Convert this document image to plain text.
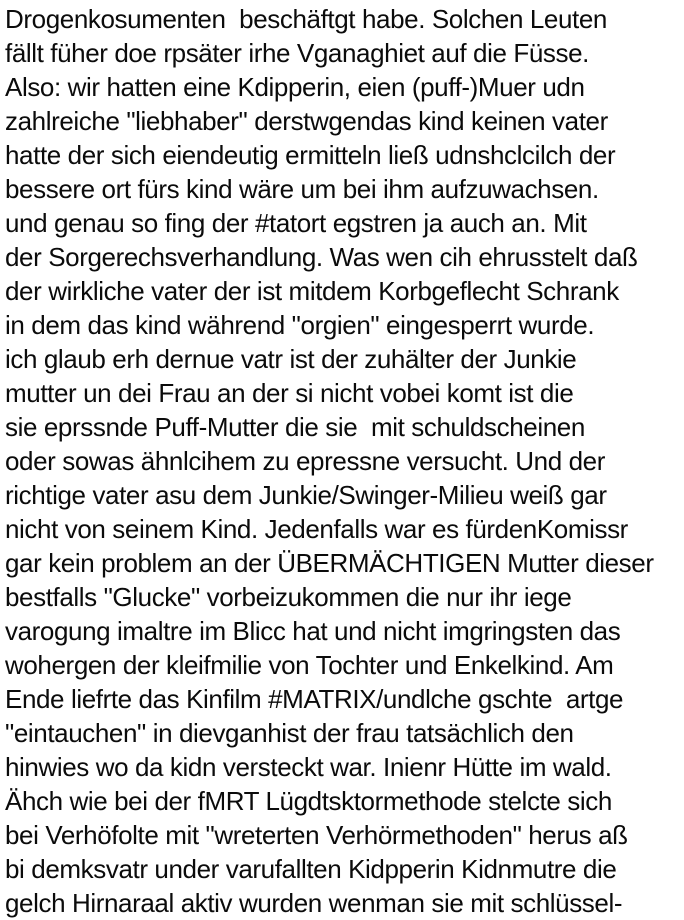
Drogenkosumenten  beschäftgt habe. Solchen Leuten
fällt füher doe rpsäter irhe Vganaghiet auf die Füsse.
Also: wir hatten eine Kdipperin, eien (puff-)Muer udn
zahlreiche "liebhaber" derstwgendas kind keinen vater
hatte der sich eiendeutig ermitteln ließ udnshclcilch der
bessere ort fürs kind wäre um bei ihm aufzuwachsen.
und genau so fing der #tatort egstren ja auch an. Mit
der Sorgerechsverhandlung. Was wen cih ehrusstelt daß
der wirkliche vater der ist mitdem Korbgeflecht Schrank
in dem das kind während "orgien" eingesperrt wurde.
ich glaub erh dernue vatr ist der zuhälter der Junkie
mutter un dei Frau an der si nicht vobei komt ist die
sie eprssnde Puff-Mutter die sie  mit schuldscheinen
oder sowas ähnlcihem zu epressne versucht. Und der
richtige vater asu dem Junkie/Swinger-Milieu weiß gar
nicht von seinem Kind. Jedenfalls war es fürdenKomissr
gar kein problem an der ÜBERMÄCHTIGEN Mutter dieser
bestfalls "Glucke" vorbeizukommen die nur ihr iege
varogung imaltre im Blicc hat und nicht imgringsten das
wohergen der kleifmilie von Tochter und Enkelkind. Am
Ende liefrte das Kinfilm #MATRIX/undlche gschte  artge
"eintauchen" in dievganhist der frau tatsächlich den
hinwies wo da kidn versteckt war. Inienr Hütte im wald.
Ähch wie bei der fMRT Lügdtsktormethode stelcte sich
bei Verhöfolte mit "wreterten Verhörmethoden" herus aß
bi demksvatr under varufallten Kidpperin Kidnmutre die
gelch Hirnaraal aktiv wurden wenman sie mit schlüssel-
